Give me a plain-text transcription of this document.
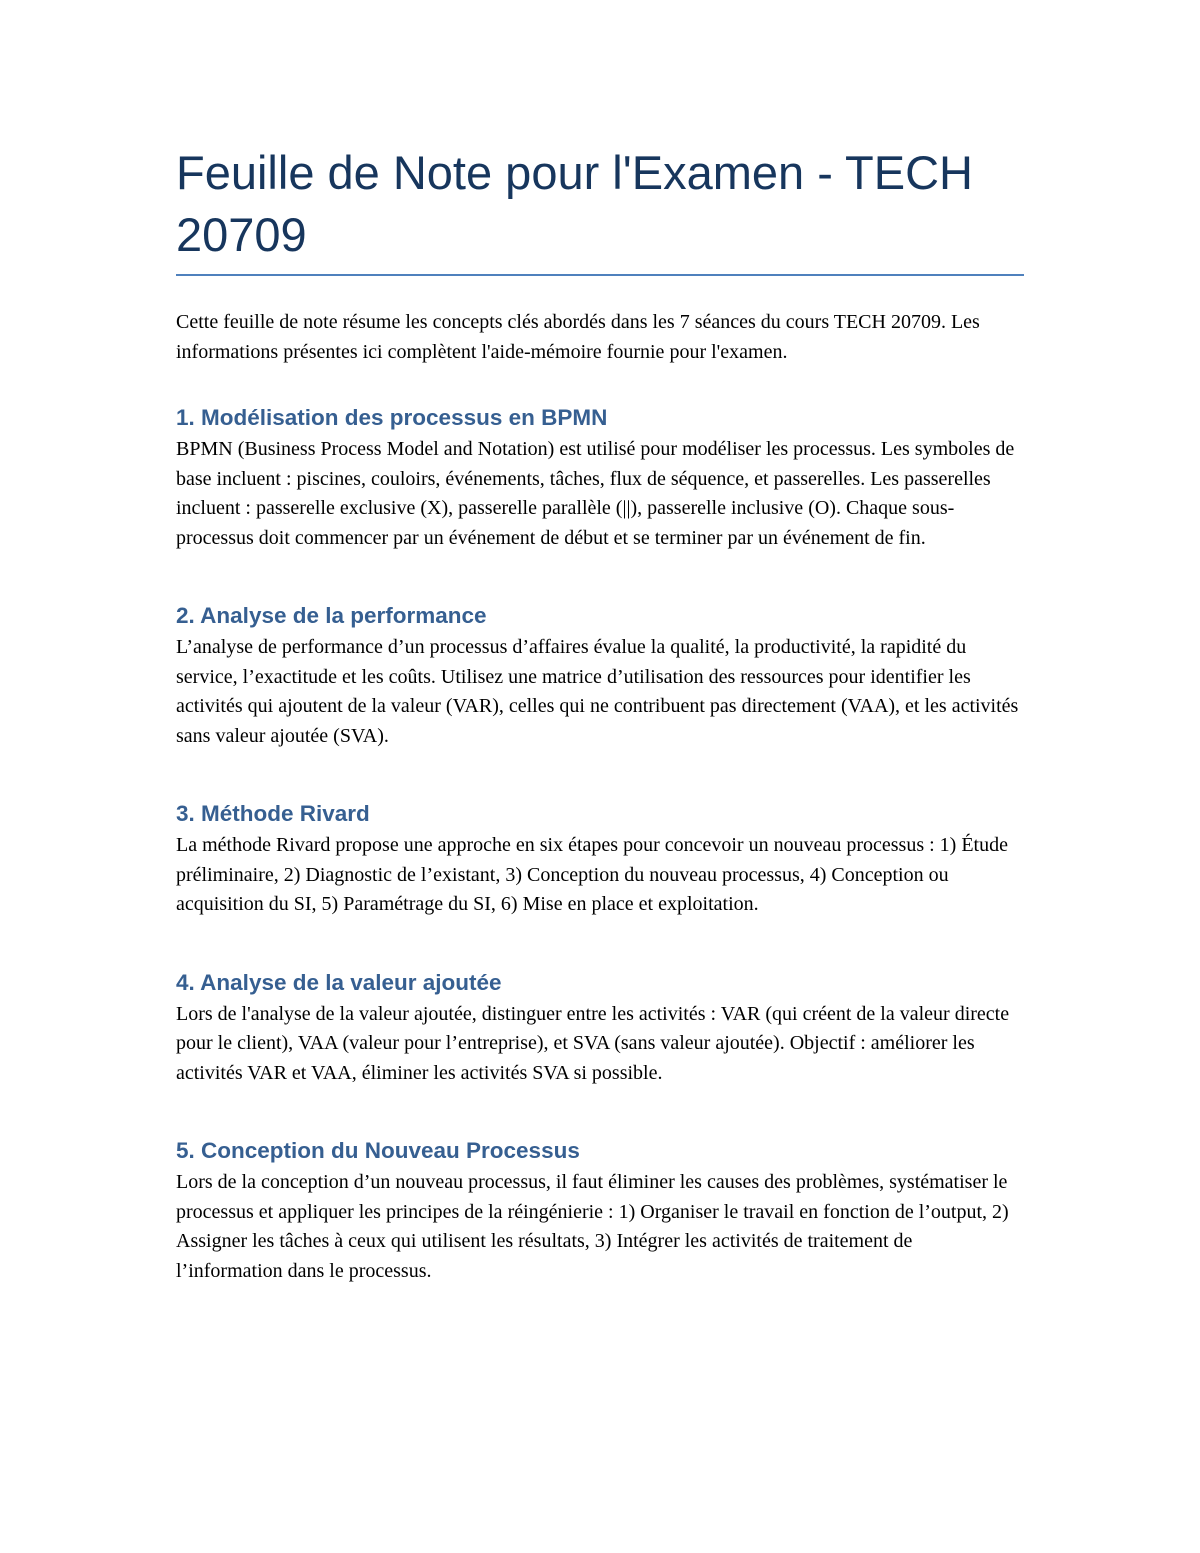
Feuille de Note pour l'Examen - TECH 20709

Cette feuille de note résume les concepts clés abordés dans les 7 séances du cours TECH 20709. Les informations présentes ici complètent l'aide-mémoire fournie pour l'examen.

1. Modélisation des processus en BPMN

BPMN (Business Process Model and Notation) est utilisé pour modéliser les processus. Les symboles de base incluent : piscines, couloirs, événements, tâches, flux de séquence, et passerelles. Les passerelles incluent : passerelle exclusive (X), passerelle parallèle (||), passerelle inclusive (O). Chaque sous-processus doit commencer par un événement de début et se terminer par un événement de fin.

2. Analyse de la performance

L’analyse de performance d’un processus d’affaires évalue la qualité, la productivité, la rapidité du service, l’exactitude et les coûts. Utilisez une matrice d’utilisation des ressources pour identifier les activités qui ajoutent de la valeur (VAR), celles qui ne contribuent pas directement (VAA), et les activités sans valeur ajoutée (SVA).

3. Méthode Rivard

La méthode Rivard propose une approche en six étapes pour concevoir un nouveau processus : 1) Étude préliminaire, 2) Diagnostic de l’existant, 3) Conception du nouveau processus, 4) Conception ou acquisition du SI, 5) Paramétrage du SI, 6) Mise en place et exploitation.

4. Analyse de la valeur ajoutée

Lors de l'analyse de la valeur ajoutée, distinguer entre les activités : VAR (qui créent de la valeur directe pour le client), VAA (valeur pour l’entreprise), et SVA (sans valeur ajoutée). Objectif : améliorer les activités VAR et VAA, éliminer les activités SVA si possible.

5. Conception du Nouveau Processus

Lors de la conception d’un nouveau processus, il faut éliminer les causes des problèmes, systématiser le processus et appliquer les principes de la réingénierie : 1) Organiser le travail en fonction de l’output, 2) Assigner les tâches à ceux qui utilisent les résultats, 3) Intégrer les activités de traitement de l’information dans le processus.
